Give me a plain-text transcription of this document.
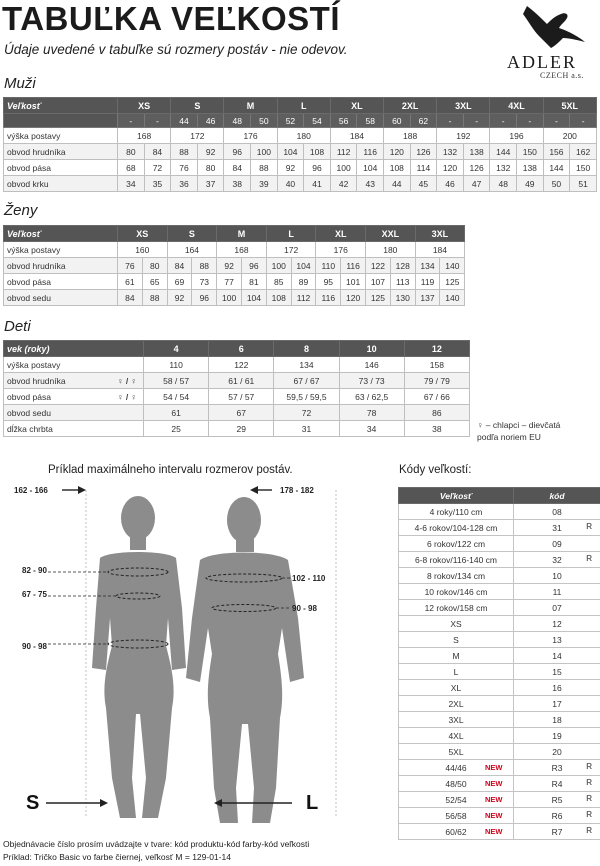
TABUĽKA VEĽKOSTÍ
Údaje uvedené v tabuľke sú rozmery postáv - nie odevov.
ADLER
CZECH a.s.
Muži
Veľkosť	XS		S		M		L		XL		2XL		3XL		4XL		5XL	
	-	-	44	46	48	50	52	54	56	58	60	62	-	-	-	-	-	-
výška postavy	168		172		176		180		184		188		192		196		200	
obvod hrudníka	80	84	88	92	96	100	104	108	112	116	120	126	132	138	144	150	156	162
obvod pása	68	72	76	80	84	88	92	96	100	104	108	114	120	126	132	138	144	150
obvod krku	34	35	36	37	38	39	40	41	42	43	44	45	46	47	48	49	50	51
Ženy
Veľkosť	XS		S		M		L		XL		XXL		3XL	
výška postavy	160		164		168		172		176		180		184	
obvod hrudníka	76	80	84	88	92	96	100	104	110	116	122	128	134	140
obvod pása	61	65	69	73	77	81	85	89	95	101	107	113	119	125
obvod sedu	84	88	92	96	100	104	108	112	116	120	125	130	137	140
Deti
vek (roky)	4	6	8	10	12
výška postavy	110	122	134	146	158
obvod hrudníka ♀ / ♀	58 / 57	61 / 61	67 / 67	73 / 73	79 / 79
obvod pása ♀ / ♀	54 / 54	57 / 57	59,5 / 59,5	63 / 62,5	67 / 66
obvod sedu	61	67	72	78	86
dĺžka chrbta	25	29	31	34	38	♀ – chlapci – dievčatá
podľa noriem EU
Príklad maximálneho intervalu rozmerov postáv.
162 - 166	178 - 182
82 - 90
67 - 75
90 - 98
102 - 110
90 - 98
S	L
Kódy veľkostí:
Veľkosť	kód
4 roky/110 cm	08
4-6 rokov/104-128 cm	31 R

6 rokov/122 cm	09
6-8 rokov/116-140 cm	32 R

8 rokov/134 cm	10
10 rokov/146 cm	11
12 rokov/158 cm	07
XS	12
S	13
M	14
L	15
XL	16
2XL	17
3XL	18
4XL	19
5XL	20
44/46 NEW	R3 R

48/50 NEW	R4 R

52/54 NEW	R5 R

56/58 NEW	R6 R

60/62 NEW	R7 R
Objednávacie číslo prosím uvádzajte v tvare: kód produktu-kód farby-kód veľkosti
Príklad: Tričko Basic vo farbe čiernej, veľkosť M = 129-01-14
